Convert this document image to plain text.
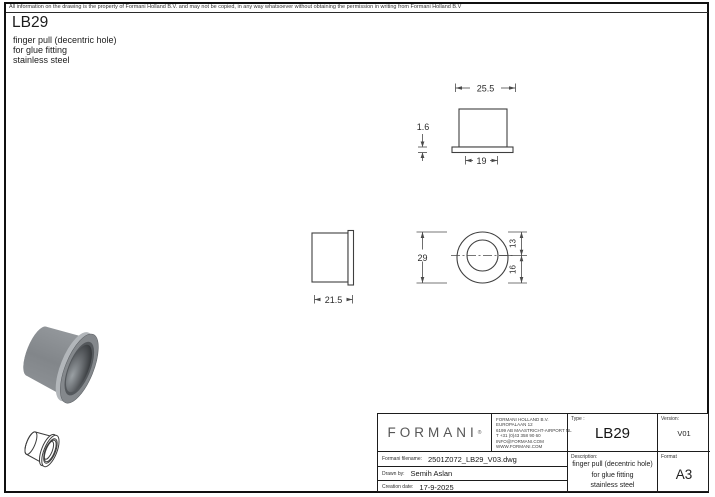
All information on the drawing is the property of Formani Holland B.V. and may not be copied, in any way whatsoever without obtaining the permission in writing from Formani Holland B.V
LB29
finger pull (decentric hole)
for glue fitting
stainless steel
25.5
1.6
19
21.5
29
13
16
FORMANI ®
FORMANI HOLLAND B.V.
EUROPALAAN 12
6199 AB MAASTRICHT-AIRPORT NL
T +31 (0)43 358 90 60
INFO@FORMANI.COM
WWW.FORMANI.COM
Type :
LB29
Version:
V01
Formani filename: 2501Z072_LB29_V03.dwg
Drawn by: Semih Aslan
Creation date: 17-9-2025
Description:
finger pull (decentric hole)
for glue fitting
stainless steel
Format
A3
